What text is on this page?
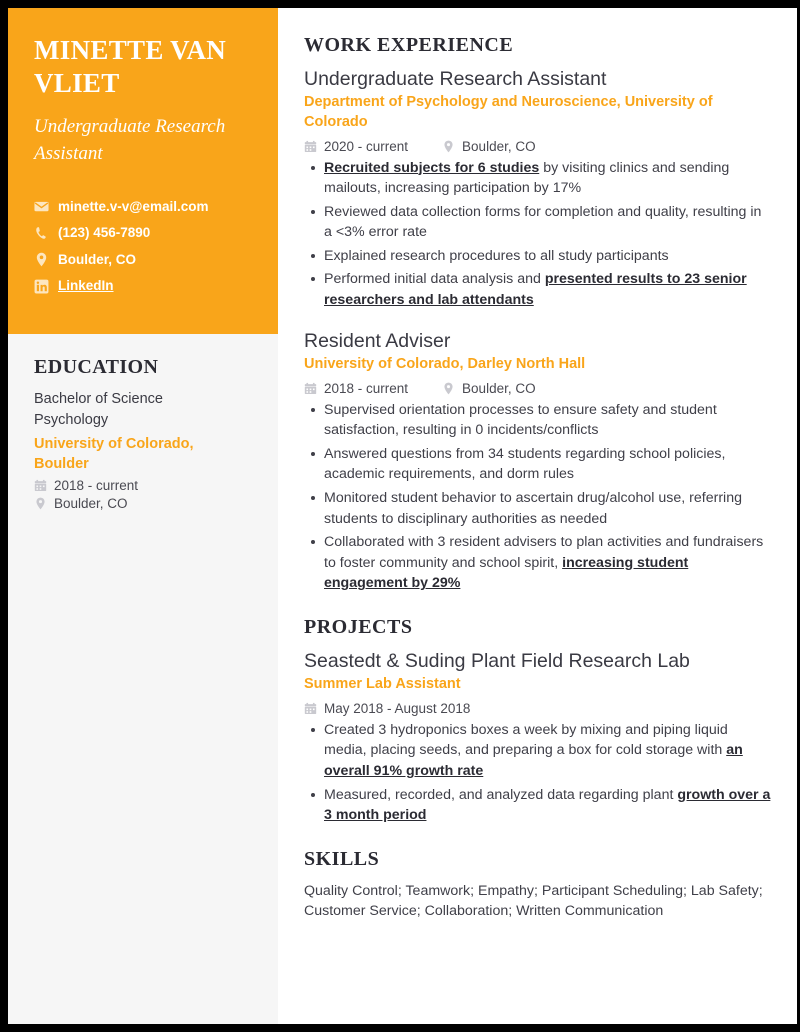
MINETTE VAN VLIET
Undergraduate Research Assistant
minette.v-v@email.com
(123) 456-7890
Boulder, CO
LinkedIn
EDUCATION

Bachelor of Science

Psychology

University of Colorado, Boulder

2018 - current
Boulder, CO
WORK EXPERIENCE
Undergraduate Research Assistant
Department of Psychology and Neuroscience, University of Colorado
2020 - current	Boulder, CO
Recruited subjects for 6 studies by visiting clinics and sending mailouts, increasing participation by 17%
Reviewed data collection forms for completion and quality, resulting in a <3% error rate
Explained research procedures to all study participants
Performed initial data analysis and presented results to 23 senior researchers and lab attendants
Resident Adviser
University of Colorado, Darley North Hall
2018 - current	Boulder, CO
Supervised orientation processes to ensure safety and student satisfaction, resulting in 0 incidents/conflicts
Answered questions from 34 students regarding school policies, academic requirements, and dorm rules
Monitored student behavior to ascertain drug/alcohol use, referring students to disciplinary authorities as needed
Collaborated with 3 resident advisers to plan activities and fundraisers to foster community and school spirit, increasing student engagement by 29%
PROJECTS
Seastedt & Suding Plant Field Research Lab
Summer Lab Assistant
May 2018 - August 2018
Created 3 hydroponics boxes a week by mixing and piping liquid media, placing seeds, and preparing a box for cold storage with an overall 91% growth rate
Measured, recorded, and analyzed data regarding plant growth over a 3 month period
SKILLS

Quality Control; Teamwork; Empathy; Participant Scheduling; Lab Safety; Customer Service; Collaboration; Written Communication
